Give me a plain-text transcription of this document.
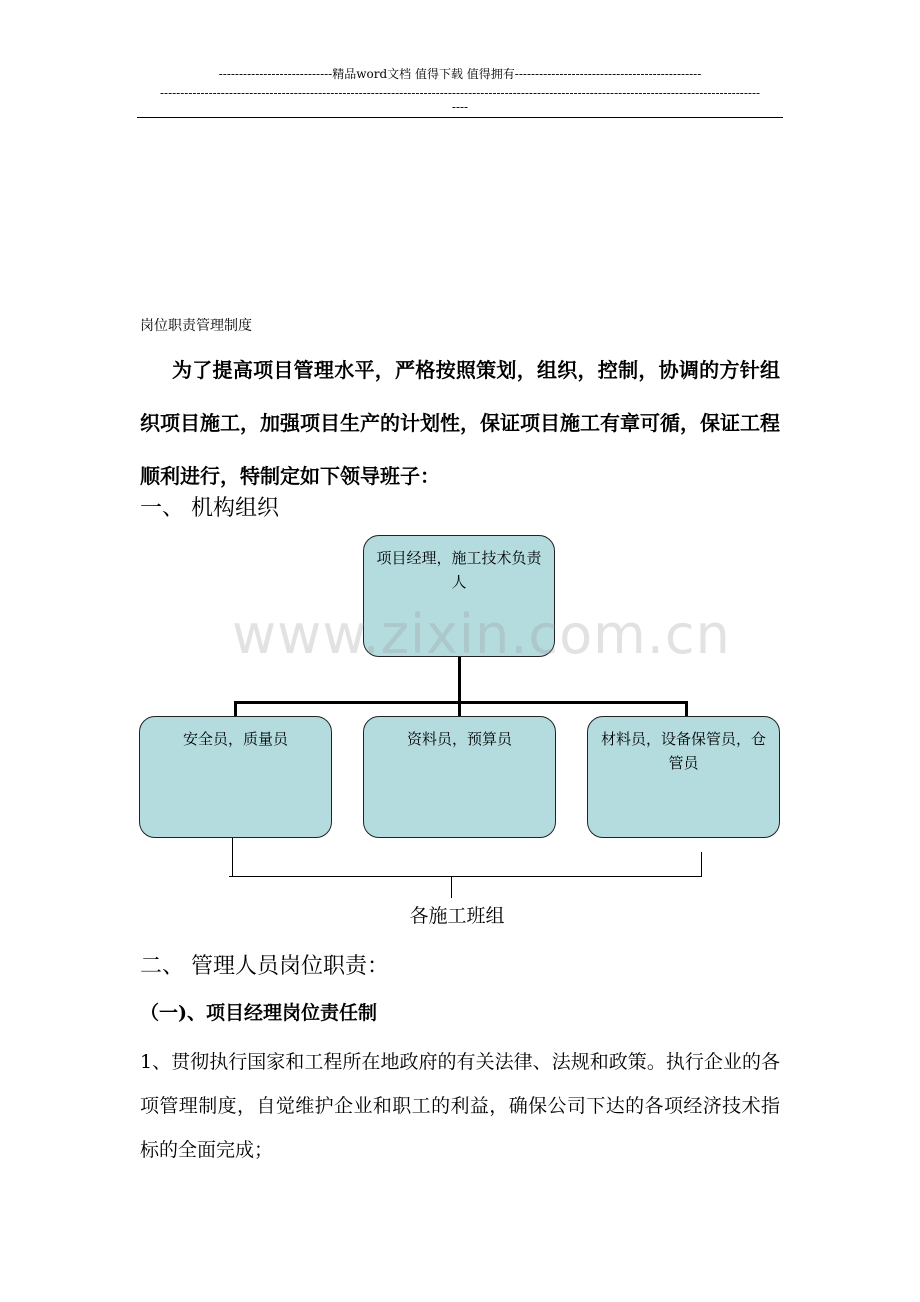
----------------------------精品word文档 值得下载 值得拥有----------------------------------------------
----------------------------------------------------------------------------------------------------------------------------------------------------
----
岗位职责管理制度
为了提高项目管理水平，严格按照策划，组织，控制，协调的方针组织项目施工，加强项目生产的计划性，保证项目施工有章可循，保证工程顺利进行，特制定如下领导班子：
一、 机构组织
项目经理，施工技术负责人
安全员，质量员	资料员，预算员	材料员，设备保管员，仓管员
各施工班组
www.zixin.com.cn
二、 管理人员岗位职责：
（一)、项目经理岗位责任制
1、贯彻执行国家和工程所在地政府的有关法律、法规和政策。执行企业的各项管理制度，自觉维护企业和职工的利益，确保公司下达的各项经济技术指标的全面完成；
